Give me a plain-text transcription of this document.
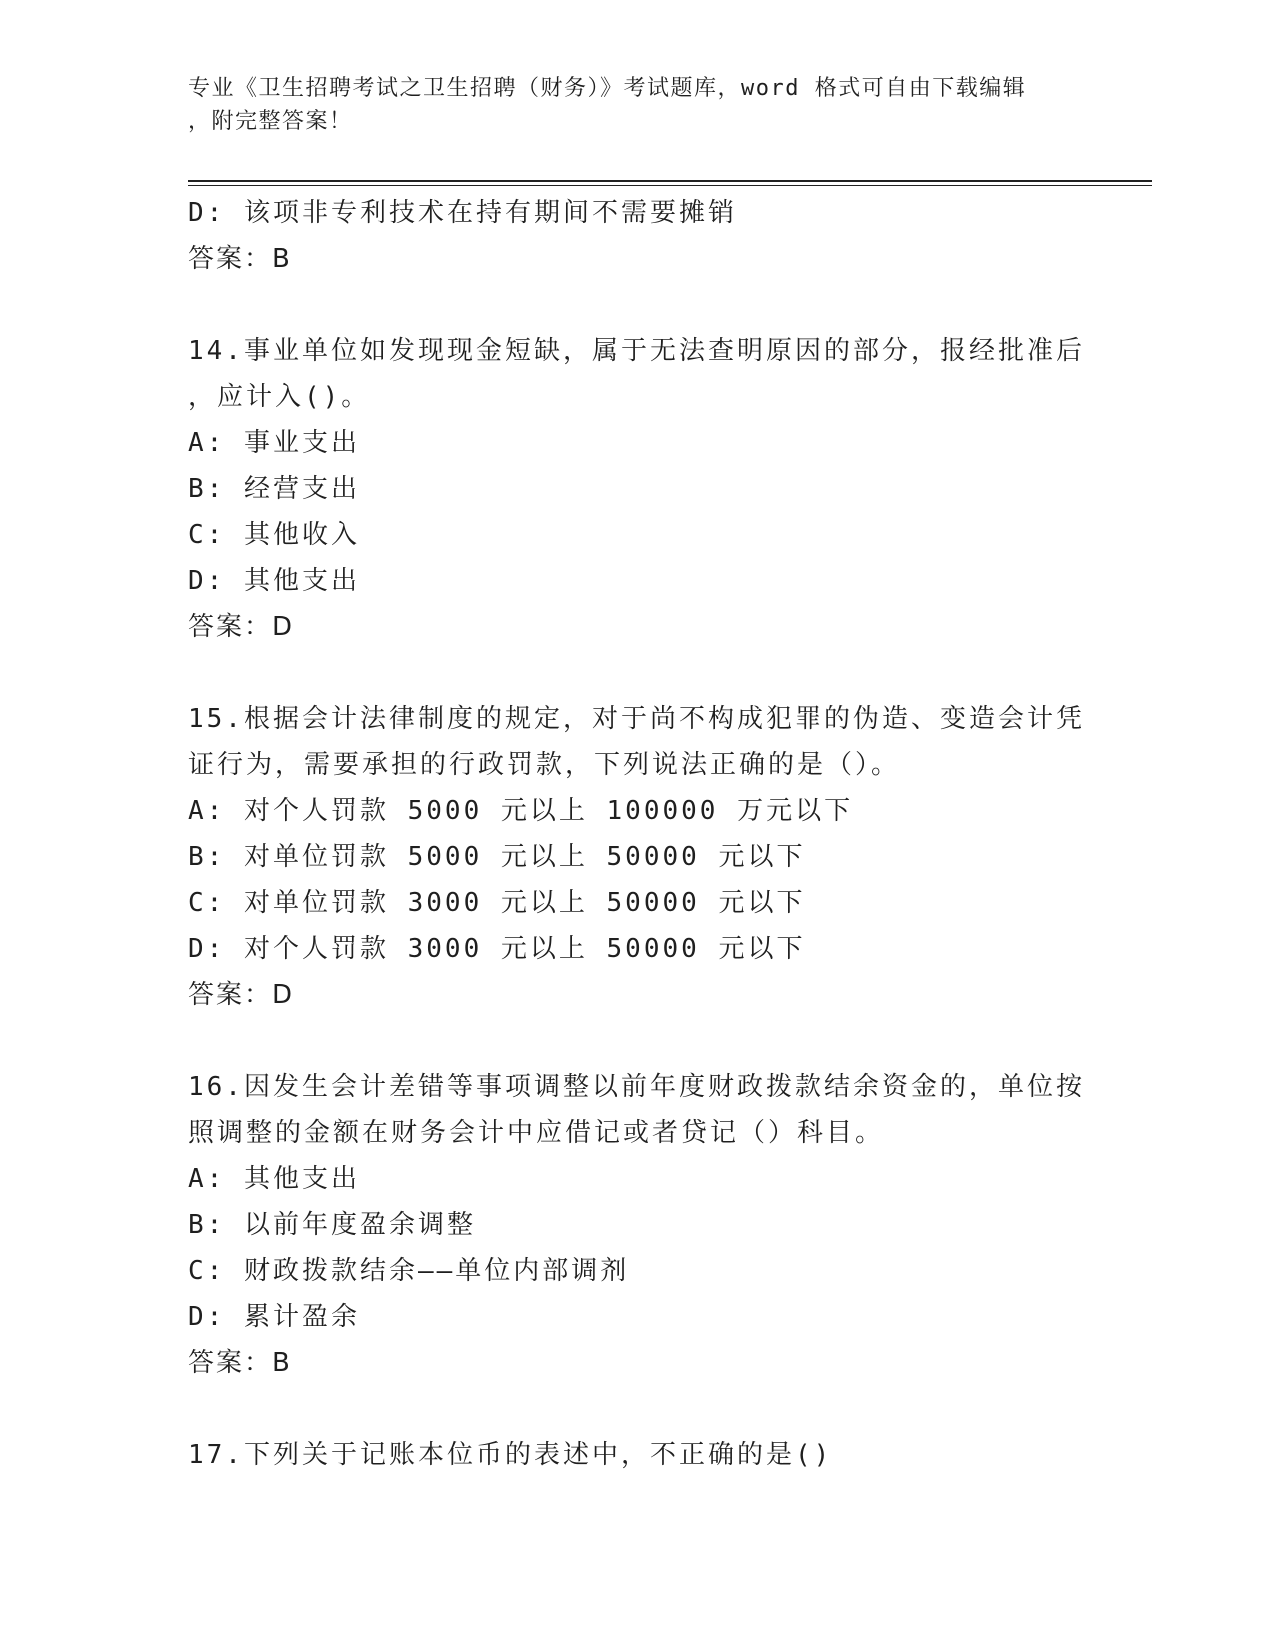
专业《卫生招聘考试之卫生招聘（财务）》考试题库，word 格式可自由下载编辑
，附完整答案！
D: 该项非专利技术在持有期间不需要摊销
答案：B
14.事业单位如发现现金短缺，属于无法查明原因的部分，报经批准后
，应计入()。
A: 事业支出
B: 经营支出
C: 其他收入
D: 其他支出
答案：D
15.根据会计法律制度的规定，对于尚不构成犯罪的伪造、变造会计凭
证行为，需要承担的行政罚款，下列说法正确的是（）。
A: 对个人罚款 5000 元以上 100000 万元以下
B: 对单位罚款 5000 元以上 50000 元以下
C: 对单位罚款 3000 元以上 50000 元以下
D: 对个人罚款 3000 元以上 50000 元以下
答案：D
16.因发生会计差错等事项调整以前年度财政拨款结余资金的，单位按
照调整的金额在财务会计中应借记或者贷记（）科目。
A: 其他支出
B: 以前年度盈余调整
C: 财政拨款结余——单位内部调剂
D: 累计盈余
答案：B
17.下列关于记账本位币的表述中，不正确的是()
